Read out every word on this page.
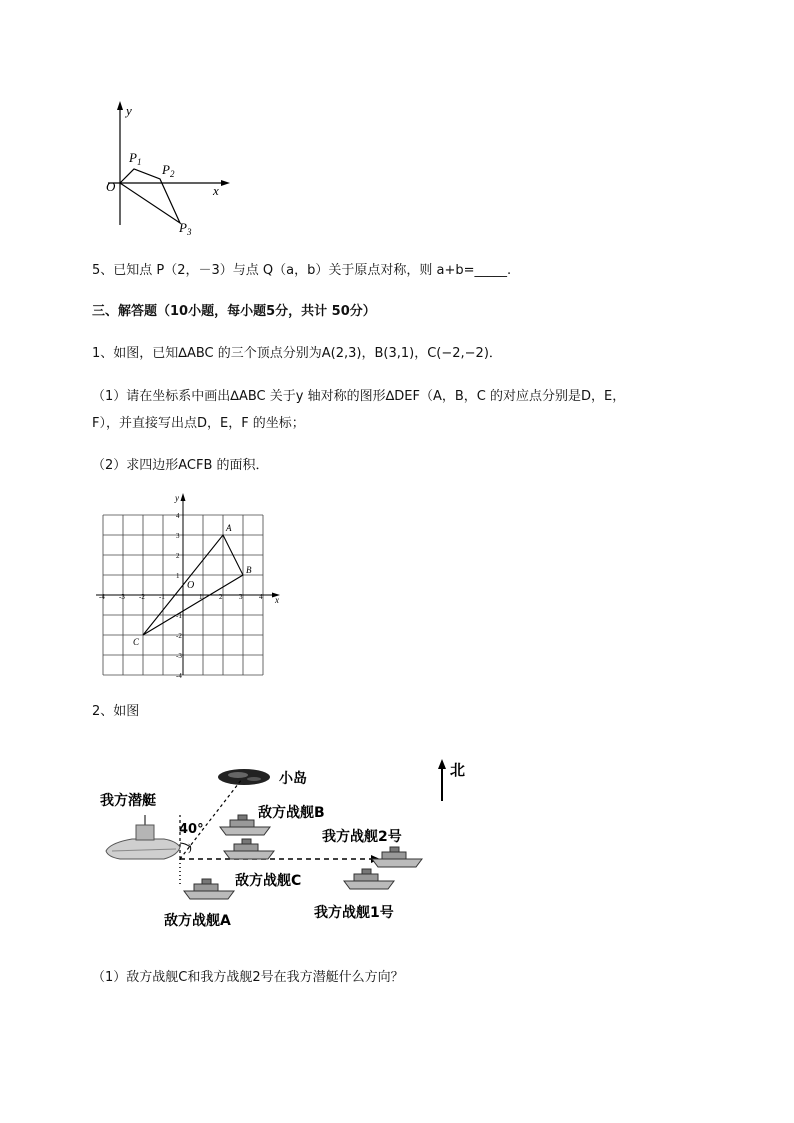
y
x
O
$P_1$ $P_2$
$P_3$
5、已知点 P（2，－3）与点 Q（a，b）关于原点对称，则 a+b=_____.
三、解答题（10小题，每小题5分，共计 50分）
1、如图，已知∆ABC 的三个顶点分别为A(2,3)，B(3,1)，C(−2,−2)．
（1）请在坐标系中画出∆ABC 关于y 轴对称的图形∆DEF（A，B，C 的对应点分别是D，E，
F），并直接写出点D，E，F 的坐标；
（2）求四边形ACFB 的面积．
x
y
O
-4 -3 -2 -1	1 2 3 4
4
3
2
1
-1
-2
-3
-4
A
B
C
2、如图
北
小岛
40°
)
我方潜艇
敌方战舰B
敌方战舰C
敌方战舰A
我方战舰2号
我方战舰1号
（1）敌方战舰C和我方战舰2号在我方潜艇什么方向？
